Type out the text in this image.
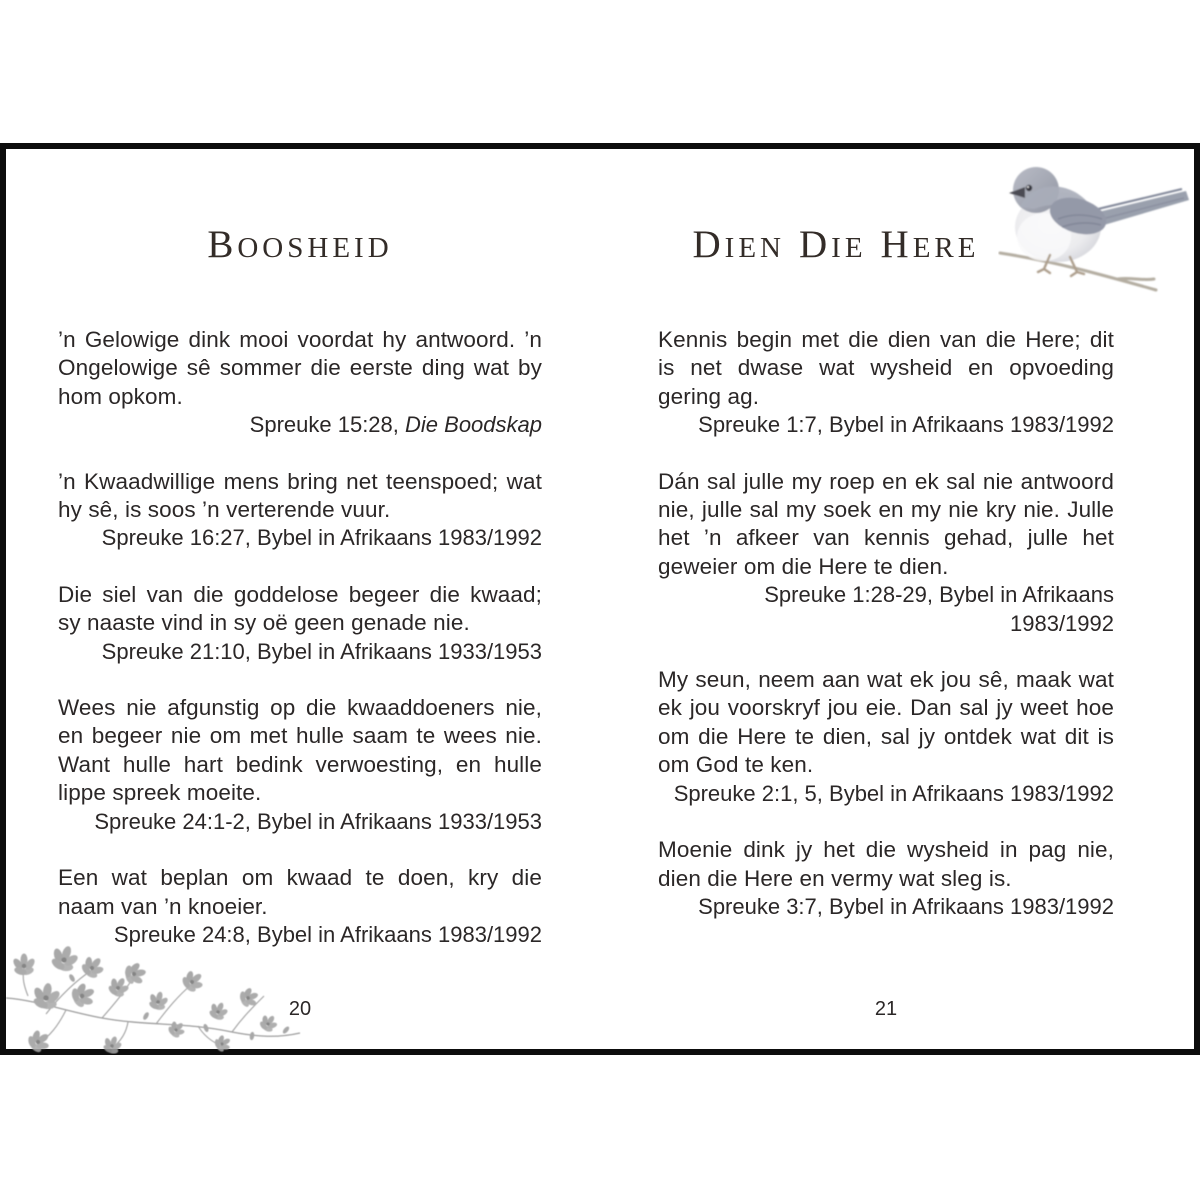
BOOSHEID

’n Gelowige dink mooi voordat hy antwoord. ’n Ongelowige sê sommer die eerste ding wat by hom opkom.

Spreuke 15:28, Die Boodskap

’n Kwaadwillige mens bring net teenspoed; wat hy sê, is soos ’n verterende vuur.

Spreuke 16:27, Bybel in Afrikaans 1983/1992

Die siel van die goddelose begeer die kwaad; sy naaste vind in sy oë geen genade nie.

Spreuke 21:10, Bybel in Afrikaans 1933/1953

Wees nie afgunstig op die kwaaddoeners nie, en begeer nie om met hulle saam te wees nie. Want hulle hart bedink verwoesting, en hulle lippe spreek moeite.

Spreuke 24:1-2, Bybel in Afrikaans 1933/1953

Een wat beplan om kwaad te doen, kry die naam van ’n knoeier.

Spreuke 24:8, Bybel in Afrikaans 1983/1992
20
DIEN DIE HERE

Kennis begin met die dien van die Here; dit is net dwase wat wysheid en opvoeding gering ag.

Spreuke 1:7, Bybel in Afrikaans 1983/1992

Dán sal julle my roep en ek sal nie antwoord nie, julle sal my soek en my nie kry nie. Julle het ’n afkeer van kennis gehad, julle het geweier om die Here te dien.

Spreuke 1:28-29, Bybel in Afrikaans 1983/1992

My seun, neem aan wat ek jou sê, maak wat ek jou voorskryf jou eie. Dan sal jy weet hoe om die Here te dien, sal jy ontdek wat dit is om God te ken.

Spreuke 2:1, 5, Bybel in Afrikaans 1983/1992

Moenie dink jy het die wysheid in pag nie, dien die Here en vermy wat sleg is.

Spreuke 3:7, Bybel in Afrikaans 1983/1992
21
